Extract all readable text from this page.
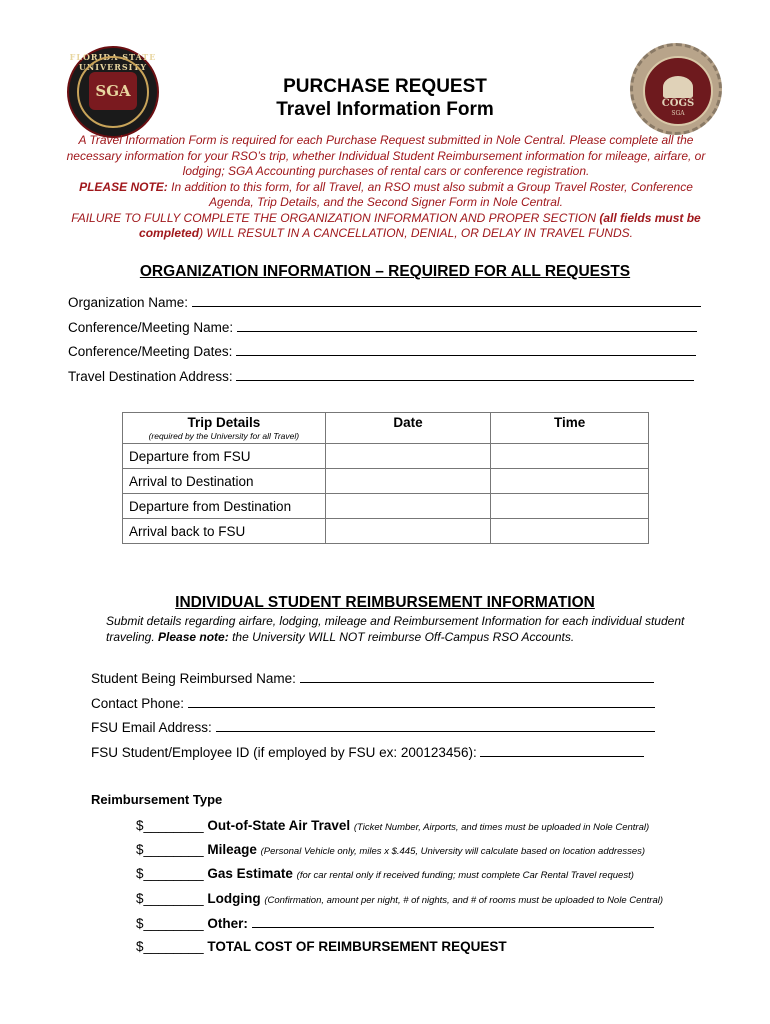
FLORIDA STATE UNIVERSITY
SGA
COGS
SGA
PURCHASE REQUEST
Travel Information Form
A Travel Information Form is required for each Purchase Request submitted in Nole Central. Please complete all the necessary information for your RSO’s trip, whether Individual Student Reimbursement information for mileage, airfare, or lodging; SGA Accounting purchases of rental cars or conference registration.
PLEASE NOTE: In addition to this form, for all Travel, an RSO must also submit a Group Travel Roster, Conference Agenda, Trip Details, and the Second Signer Form in Nole Central.
FAILURE TO FULLY COMPLETE THE ORGANIZATION INFORMATION AND PROPER SECTION (all fields must be completed) WILL RESULT IN A CANCELLATION, DENIAL, OR DELAY IN TRAVEL FUNDS.
ORGANIZATION INFORMATION – REQUIRED FOR ALL REQUESTS
Organization Name:
Conference/Meeting Name:
Conference/Meeting Dates:
Travel Destination Address:
Trip Details
(required by the University for all Travel)	Date	Time
Departure from FSU		
Arrival to Destination		
Departure from Destination		
Arrival back to FSU		
INDIVIDUAL STUDENT REIMBURSEMENT INFORMATION
Submit details regarding airfare, lodging, mileage and Reimbursement Information for each individual student traveling. Please note: the University WILL NOT reimburse Off-Campus RSO Accounts.
Student Being Reimbursed Name:
Contact Phone:
FSU Email Address:
FSU Student/Employee ID (if employed by FSU ex: 200123456):
Reimbursement Type
$________ Out-of-State Air Travel (Ticket Number, Airports, and times must be uploaded in Nole Central)
$________ Mileage (Personal Vehicle only, miles x $.445, University will calculate based on location addresses)
$________ Gas Estimate (for car rental only if received funding; must complete Car Rental Travel request)
$________ Lodging (Confirmation, amount per night, # of nights, and # of rooms must be uploaded to Nole Central)
$________ Other:
$________ TOTAL COST OF REIMBURSEMENT REQUEST
